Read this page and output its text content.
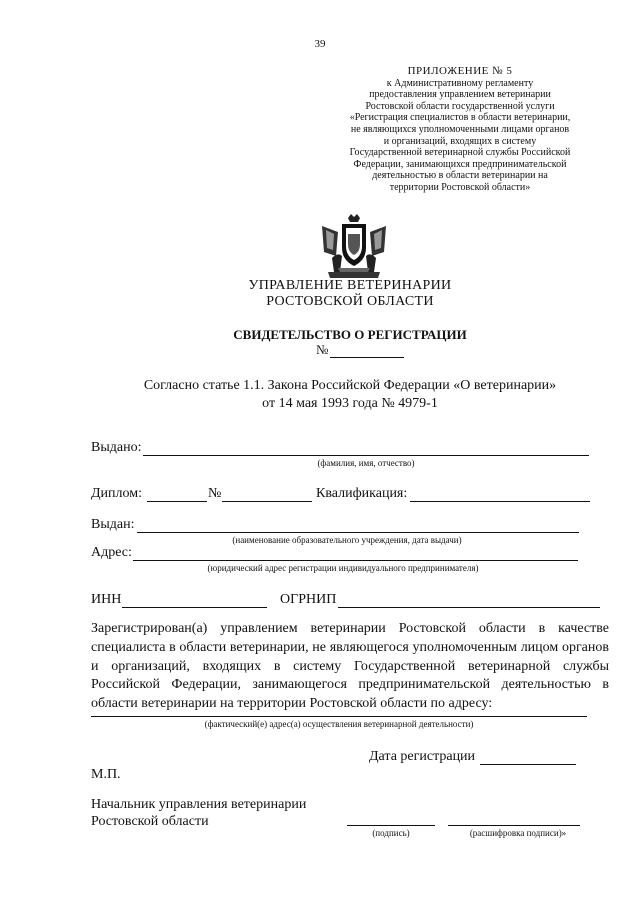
39
ПРИЛОЖЕНИЕ № 5
к Административному регламенту
предоставления управлением ветеринарии
Ростовской области государственной услуги
«Регистрация специалистов в области ветеринарии,
не являющихся уполномоченными лицами органов
и организаций, входящих в систему
Государственной ветеринарной службы Российской
Федерации, занимающихся предпринимательской
деятельностью в области ветеринарии на
территории Ростовской области»
УПРАВЛЕНИЕ ВЕТЕРИНАРИИ
РОСТОВСКОЙ ОБЛАСТИ
СВИДЕТЕЛЬСТВО О РЕГИСТРАЦИИ
№
Согласно статье 1.1. Закона Российской Федерации «О ветеринарии»
от 14 мая 1993 года № 4979-1
Выдано:
(фамилия, имя, отчество)
Диплом:	№	Квалификация:
Выдан:
(наименование образовательного учреждения, дата выдачи)
Адрес:
(юридический адрес регистрации индивидуального предпринимателя)
ИНН	ОГРНИП
Зарегистрирован(а) управлением ветеринарии Ростовской области в качестве специалиста в области ветеринарии, не являющегося уполномоченным лицом органов и организаций, входящих в систему Государственной ветеринарной службы Российской Федерации, занимающегося предпринимательской деятельностью в области ветеринарии на территории Ростовской области по адресу:
(фактический(е) адрес(а) осуществления ветеринарной деятельности)
Дата регистрации
М.П.
Начальник управления ветеринарии
Ростовской области
(подпись)	(расшифровка подписи)»
